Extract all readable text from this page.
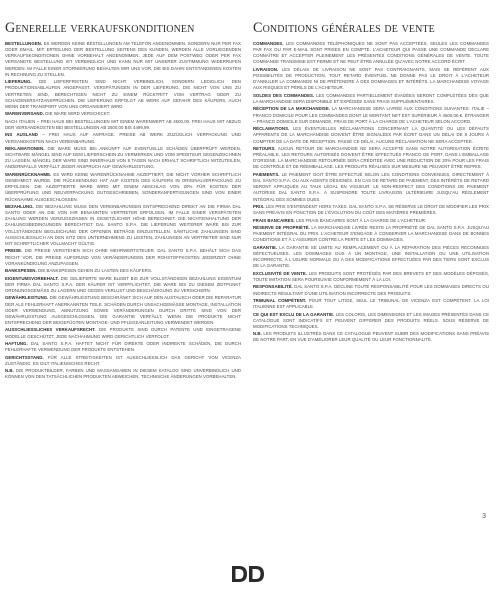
Generelle verkaufskonditionen

BESTELLUNGEN. ES WERDEN KEINE BESTELLUNGEN AM TELEFON ANGENOMMEN, SONDERN NUR PER FAX ODER EMAIL. MIT ERTEILUNG DER BESTELLUNG SEITENS DES KUNDEN, WERDEN ALLE VORLIEGENDEN VERKAUFSKONDITIONEN OHNE VORBEHALT ANGENOMMEN. JEDE AUF DEM POSTWEG ODER PER FAX VERSANDTE BESTELLUNG IST VERBINDLICH UND KANN NUR MIT UNSERER ZUSTIMMUNG WIDERRUFEN WERDEN. IM FALLE EINER STORNIERUNG BEHALTEN WIR UNS VOR, DIE BIS DAHIN ENTSTANDENEN KOSTEN IN RECHNUNG ZU STELLEN.

LIEFERUNG. DIE LIEFERFRISTEN SIND NICHT VERBINDLICH, SONDERN LEDIGLICH DEN PRODUKTIONSABLAUFEN ANGEPASST. VERSPÄTUNGEN IN DER LIEFERUNG, DIE NICHT VON UNS ZU VERTRETEN SIND, BERECHTIGEN NICHT ZU EINEM RÜCKTRITT VOM VERTRAG ODER ZU SCHADENERSATZANSPRÜCHEN. DIE LIEFERUNG ERFOLGT AB WERK AUF GEFAHR DES KÄUFERS, AUCH WENN DER TRANSPORT VON UNS ORGANISIERT WIRD.

WARENVERSAND. DIE WARE WIRD VERSCHICKT:

NACH ITALIEN – FREI HAUS BEI BESTELLUNGEN MIT EINEM WARENWERT AB 4500,00. FREI HAUS MIT ABZUG DER VERSANDKOSTEN BEI BESTELLUNGEN AB 2500,00 BIS 4499,99.

INS AUSLAND – FREI HAUS AUF ANFRAGE. PREISE AB WERK ZUZÜGLICH VERPACKUNG UND VERSANDKOSTEN NACH VEREINBARUNG.

REKLAMATIONEN. DIE WARE MUSS BEI ANKUNFT AUF EVENTUELLE SCHÄDEN ÜBERPRÜFT WERDEN. SICHTBARE MÄNGEL SIND AUF DEM LIEFERSCHEIN ZU VERMERKEN UND VOM SPEDITEUR GEGENZEICHNEN ZU LASSEN. MÄNGEL DER WARE SIND INNERHALB VON 8 TAGEN NACH ERHALT SCHRIFTLICH MITZUTEILEN, ANDERNFALLS VERFÄLLT JEDER ANSPRUCH AUF GEWÄHRLEISTUNG.

WARENRÜCKNAHME. ES WIRD KEINE WARENRÜCKNAHME AKZEPTIERT, DIE NICHT VORHER SCHRIFTLICH GENEHMIGT WURDE. DIE RÜCKSENDUNG HAT AUF KOSTEN DES KÄUFERS IN ORIGINALVERPACKUNG ZU ERFOLGEN. DIE AKZEPTIERTE WARE WIRD MIT EINEM ABSCHLAG VON 20% FÜR KOSTEN DER ÜBERPRÜFUNG UND NEUVERPACKUNG GUTGESCHRIEBEN, SONDERANFERTIGUNGEN SIND VON EINER RÜCKNAHME AUSGESCHLOSSEN.

BEZAHLUNG. DIE BEZAHLUNG MUSS DEN VEREINBARUNGEN ENTSPRECHEND DIREKT AN DIE FIRMA DAL SANTO ODER AN DIE VON IHR BENANNTEN VERTRETER ERFOLGEN. IM FALLE EINER VERSPÄTETEN ZAHLUNG WERDEN VERZUGSZINSEN IN GESETZLICHER HÖHE BERECHNET. DIE NICHTEINHALTUNG DER ZAHLUNGSBEDINGUNGEN BERECHTIGT DAL SANTO S.P.A. DIE LIEFERUNG WEITERER WARE BIS ZUR VOLLSTÄNDIGEN BEGLEICHUNG DER OFFENEN BETRÄGE EINZUSTELLEN. SÄMTLICHE ZAHLUNGEN SIND AUSSCHLIESSLICH AN DEN SITZ DES UNTERNEHMENS ZU LEISTEN, ZAHLUNGEN AN VERTRETER SIND NUR MIT SCHRIFTLICHER VOLLMACHT GÜLTIG.

PREISE. DIE PREISE VERSTEHEN SICH OHNE MEHRWERTSTEUER. DAL SANTO S.P.A. BEHÄLT SICH DAS RECHT VOR, DIE PREISE AUFGRUND VON VERÄNDERUNGEN DER ROHSTOFFKOSTEN JEDERZEIT OHNE VORANKÜNDIGUNG ANZUPASSEN.

BANKSPESEN. DIE BANKSPESEN GEHEN ZU LASTEN DES KÄUFERS.

EIGENTUMSVORBEHALT. DIE GELIEFERTE WARE BLEIBT BIS ZUR VOLLSTÄNDIGEN BEZAHLUNG EIGENTUM DER FIRMA DAL SANTO S.P.A. DER KÄUFER IST VERPFLICHTET, DIE WARE BIS ZU DIESEM ZEITPUNKT ORDNUNGSGEMÄSS ZU LAGERN UND GEGEN VERLUST UND BESCHÄDIGUNG ZU VERSICHERN.

GEWÄHRLEISTUNG. DIE GEWÄHRLEISTUNG BESCHRÄNKT SICH AUF DEN AUSTAUSCH ODER DIE REPARATUR DER ALS FEHLERHAFT ANERKANNTEN TEILE. SCHÄDEN DURCH UNSACHGEMÄSSE MONTAGE, INSTALLATION ODER VERWENDUNG, ABNUTZUNG SOWIE VERÄNDERUNGEN DURCH DRITTE SIND VON DER GEWÄHRLEISTUNG AUSGESCHLOSSEN. DIE GARANTIE VERFÄLLT, WENN DIE PRODUKTE NICHT ENTSPRECHEND DER BEIGEFÜGTEN MONTAGE- UND PFLEGEANLEITUNG VERWENDET WERDEN.

AUSSCHLIESSLICHES VERKAUFSRECHT. DIE PRODUKTE SIND DURCH PATENTE UND EINGETRAGENE MODELLE GESCHÜTZT, JEDE NACHAHMUNG WIRD GERICHTLICH VERFOLGT.

HAFTUNG. DAL SANTO S.P.A. HAFTET NICHT FÜR DIREKTE ODER INDIREKTE SCHÄDEN, DIE DURCH FEHLERHAFTE VERWENDUNG DER PRODUKTE ENTSTEHEN.

GERICHTSSTAND. FÜR ALLE STREITIGKEITEN IST AUSSCHLIESSLICH DAS GERICHT VON VICENZA ZUSTÄNDIG. ES GILT ITALIENISCHES RECHT.

N.B. DIE PRODUKTBILDER, FARBEN UND MASSANGABEN IN DIESEM KATALOG SIND UNVERBINDLICH UND KÖNNEN VON DEN TATSÄCHLICHEN PRODUKTEN ABWEICHEN. TECHNISCHE ÄNDERUNGEN VORBEHALTEN.

Conditions générales de vente

COMMANDES. LES COMMANDES TÉLÉPHONIQUES NE SONT PAS ACCEPTÉES, SEULES LES COMMANDES PAR FAX OU PAR E-MAIL SONT PRISES EN COMPTE. L'ACHETEUR QUI PASSE UNE COMMANDE DÉCLARE CONNAÎTRE ET ACCEPTER PLEINEMENT LES PRÉSENTES CONDITIONS GÉNÉRALES DE VENTE. TOUTE COMMANDE TRANSMISE EST FERME ET NE PEUT ÊTRE ANNULÉE QU'AVEC NOTRE ACCORD ÉCRIT.

LIVRAISON. LES DÉLAIS DE LIVRAISON NE SONT PAS CONTRAIGNANTS, MAIS SE RÉFÈRENT AUX POSSIBILITÉS DE PRODUCTION. TOUT RETARD ÉVENTUEL NE DONNE PAS LE DROIT À L'ACHETEUR D'ANNULER LA COMMANDE NI DE PRÉTENDRE À DES DOMMAGES ET INTÉRÊTS. LA MARCHANDISE VOYAGE AUX RISQUES ET PÉRILS DE L'ACHETEUR.

SOLDES DES COMMANDES. LES COMMANDES PARTIELLEMENT ÉVADÉES SERONT COMPLÉTÉES DÈS QUE LA MARCHANDISE SERA DISPONIBLE ET EXPÉDIÉE SANS FRAIS SUPPLÉMENTAIRES.

RÉCEPTION DE LA MARCHANDISE. LA MARCHANDISE SERA LIVRÉE AUX CONDITIONS SUIVANTES: ITALIE – FRANCO DOMICILE POUR LES COMMANDES DONT LE MONTANT NET EST SUPÉRIEUR À 4500,00 €. ÉTRANGER – FRANCO DOMICILE SUR DEMANDE, FRAIS DE PORT À LA CHARGE DE L'ACHETEUR SELON ACCORD.

RÉCLAMATIONS. LES ÉVENTUELLES RÉCLAMATIONS CONCERNANT LA QUANTITÉ OU LES DÉFAUTS APPARENTS DE LA MARCHANDISE DOIVENT ÊTRE SIGNALÉES PAR ÉCRIT DANS UN DÉLAI DE 8 JOURS À COMPTER DE LA DATE DE RÉCEPTION. PASSÉ CE DÉLAI, AUCUNE RÉCLAMATION NE SERA ACCEPTÉE.

RETOURS. AUCUN RETOUR DE MARCHANDISE NE SERA ACCEPTÉ SANS NOTRE AUTORISATION ÉCRITE PRÉALABLE. LES RETOURS AUTORISÉS DOIVENT ÊTRE EFFECTUÉS FRANCO DE PORT, DANS L'EMBALLAGE D'ORIGINE. LA MARCHANDISE RETOURNÉE SERA CRÉDITÉE AVEC UNE RÉDUCTION DE 20% POUR LES FRAIS DE CONTRÔLE ET DE RÉEMBALLAGE. LES PRODUITS RÉALISÉS SUR MESURE NE PEUVENT ÊTRE REPRIS.

PAIEMENTS. LE PAIEMENT DOIT ÊTRE EFFECTUÉ SELON LES CONDITIONS CONVENUES, DIRECTEMENT À DAL SANTO S.P.A. OU AUX AGENTS DÉSIGNÉS. EN CAS DE RETARD DE PAIEMENT, DES INTÉRÊTS DE RETARD SERONT APPLIQUÉS AU TAUX LÉGAL EN VIGUEUR. LE NON-RESPECT DES CONDITIONS DE PAIEMENT AUTORISE DAL SANTO S.P.A. À SUSPENDRE TOUTE LIVRAISON ULTÉRIEURE JUSQU'AU RÈGLEMENT INTÉGRAL DES SOMMES DUES.

PRIX. LES PRIX S'ENTENDENT HORS TAXES. DAL SANTO S.P.A. SE RÉSERVE LE DROIT DE MODIFIER LES PRIX SANS PRÉAVIS EN FONCTION DE L'ÉVOLUTION DU COÛT DES MATIÈRES PREMIÈRES.

FRAIS BANCAIRES. LES FRAIS BANCAIRES SONT À LA CHARGE DE L'ACHETEUR.

RÉSERVE DE PROPRIÉTÉ. LA MARCHANDISE LIVRÉE RESTE LA PROPRIÉTÉ DE DAL SANTO S.P.A. JUSQU'AU PAIEMENT INTÉGRAL DU PRIX. L'ACHETEUR S'ENGAGE À CONSERVER LA MARCHANDISE DANS DE BONNES CONDITIONS ET À L'ASSURER CONTRE LA PERTE ET LES DOMMAGES.

GARANTIE. LA GARANTIE SE LIMITE AU REMPLACEMENT OU À LA RÉPARATION DES PIÈCES RECONNUES DÉFECTUEUSES. LES DOMMAGES DUS À UN MONTAGE, UNE INSTALLATION OU UNE UTILISATION INCORRECTE, À L'USURE NORMALE OU À DES MODIFICATIONS EFFECTUÉES PAR DES TIERS SONT EXCLUS DE LA GARANTIE.

EXCLUSIVITÉ DE VENTE. LES PRODUITS SONT PROTÉGÉS PAR DES BREVETS ET DES MODÈLES DÉPOSÉS, TOUTE IMITATION SERA POURSUIVIE CONFORMÉMENT À LA LOI.

RESPONSABILITÉ. DAL SANTO S.P.A. DÉCLINE TOUTE RESPONSABILITÉ POUR LES DOMMAGES DIRECTS OU INDIRECTS RÉSULTANT D'UNE UTILISATION INCORRECTE DES PRODUITS.

TRIBUNAL COMPÉTENT. POUR TOUT LITIGE, SEUL LE TRIBUNAL DE VICENZA EST COMPÉTENT. LA LOI ITALIENNE EST APPLICABLE.

CE QUI EST EXCLU DE LA GARANTIE. LES COLORIS, LES DIMENSIONS ET LES IMAGES PRÉSENTÉS DANS CE CATALOGUE SONT INDICATIFS ET PEUVENT DIFFÉRER DES PRODUITS RÉELS. SOUS RÉSERVE DE MODIFICATIONS TECHNIQUES.

N.B. LES PRODUITS ILLUSTRÉS DANS CE CATALOGUE PEUVENT SUBIR DES MODIFICATIONS SANS PRÉAVIS DE NOTRE PART, EN VUE D'AMÉLIORER LEUR QUALITÉ OU LEUR FONCTIONNALITÉ.

3
